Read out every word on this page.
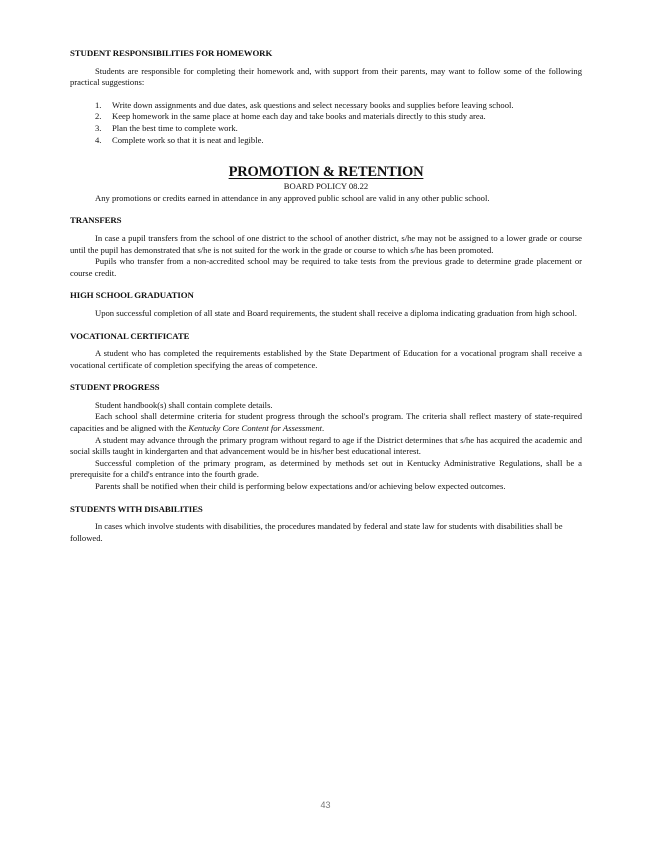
STUDENT RESPONSIBILITIES FOR HOMEWORK

Students are responsible for completing their homework and, with support from their parents, may want to follow some of the following practical suggestions:

1.	Write down assignments and due dates, ask questions and select necessary books and supplies before leaving school.
2.	Keep homework in the same place at home each day and take books and materials directly to this study area.
3.	Plan the best time to complete work.
4.	Complete work so that it is neat and legible.
PROMOTION & RETENTION

BOARD POLICY 08.22

Any promotions or credits earned in attendance in any approved public school are valid in any other public school.

TRANSFERS

In case a pupil transfers from the school of one district to the school of another district, s/he may not be assigned to a lower grade or course until the pupil has demonstrated that s/he is not suited for the work in the grade or course to which s/he has been promoted.

Pupils who transfer from a non-accredited school may be required to take tests from the previous grade to determine grade placement or course credit.

HIGH SCHOOL GRADUATION

Upon successful completion of all state and Board requirements, the student shall receive a diploma indicating graduation from high school.

VOCATIONAL CERTIFICATE

A student who has completed the requirements established by the State Department of Education for a vocational program shall receive a vocational certificate of completion specifying the areas of competence.

STUDENT PROGRESS

Student handbook(s) shall contain complete details.

Each school shall determine criteria for student progress through the school's program. The criteria shall reflect mastery of state-required capacities and be aligned with the Kentucky Core Content for Assessment.

A student may advance through the primary program without regard to age if the District determines that s/he has acquired the academic and social skills taught in kindergarten and that advancement would be in his/her best educational interest.

Successful completion of the primary program, as determined by methods set out in Kentucky Administrative Regulations, shall be a prerequisite for a child's entrance into the fourth grade.

Parents shall be notified when their child is performing below expectations and/or achieving below expected outcomes.

STUDENTS WITH DISABILITIES

In cases which involve students with disabilities, the procedures mandated by federal and state law for students with disabilities shall be followed.

43
